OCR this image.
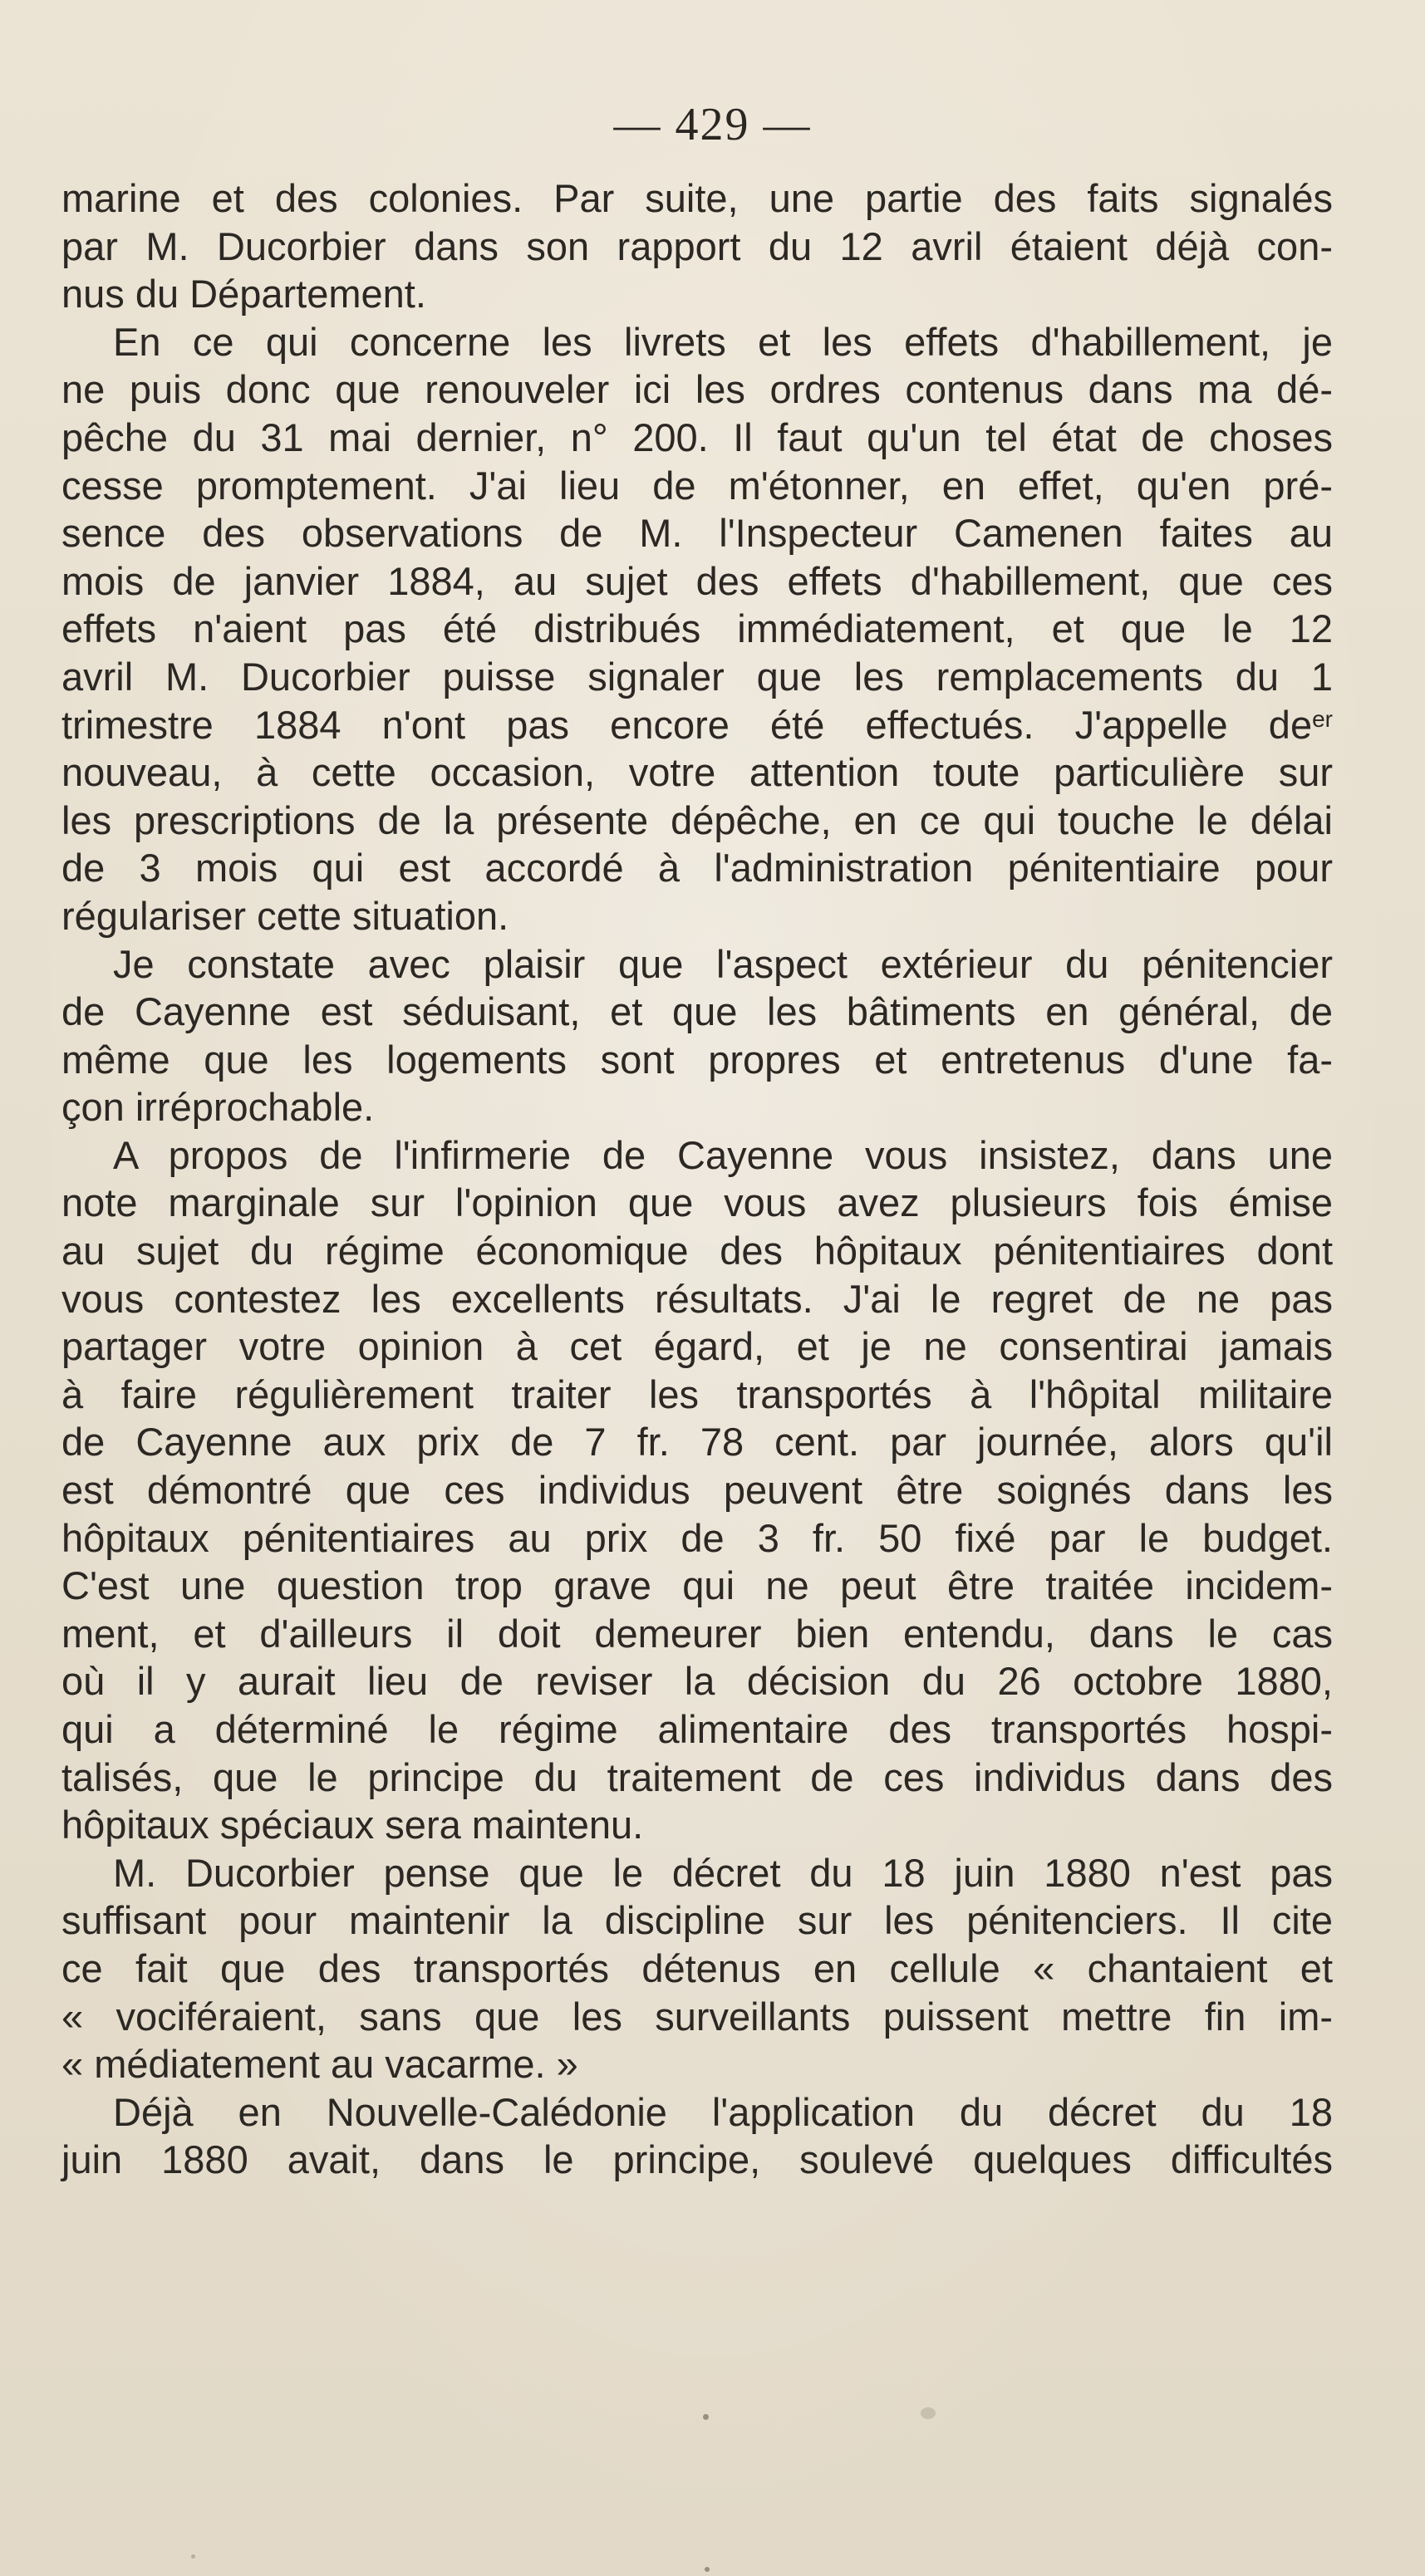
— 429 —
marine et des colonies. Par suite, une partie des faits signalés
par M. Ducorbier dans son rapport du 12 avril étaient déjà con-
nus du Département.
En ce qui concerne les livrets et les effets d'habillement, je
ne puis donc que renouveler ici les ordres contenus dans ma dé-
pêche du 31 mai dernier, n° 200. Il faut qu'un tel état de choses
cesse promptement. J'ai lieu de m'étonner, en effet, qu'en pré-
sence des observations de M. l'Inspecteur Camenen faites au
mois de janvier 1884, au sujet des effets d'habillement, que ces
effets n'aient pas été distribués immédiatement, et que le 12
avril M. Ducorbier puisse signaler que les remplacements du 1
trimestre 1884 n'ont pas encore été effectués. J'appelle $de^{er}$
nouveau, à cette occasion, votre attention toute particulière sur
les prescriptions de la présente dépêche, en ce qui touche le délai
de 3 mois qui est accordé à l'administration pénitentiaire pour
régulariser cette situation.
Je constate avec plaisir que l'aspect extérieur du pénitencier
de Cayenne est séduisant, et que les bâtiments en général, de
même que les logements sont propres et entretenus d'une fa-
çon irréprochable.
A propos de l'infirmerie de Cayenne vous insistez, dans une
note marginale sur l'opinion que vous avez plusieurs fois émise
au sujet du régime économique des hôpitaux pénitentiaires dont
vous contestez les excellents résultats. J'ai le regret de ne pas
partager votre opinion à cet égard, et je ne consentirai jamais
à faire régulièrement traiter les transportés à l'hôpital militaire
de Cayenne aux prix de 7 fr. 78 cent. par journée, alors qu'il
est démontré que ces individus peuvent être soignés dans les
hôpitaux pénitentiaires au prix de 3 fr. 50 fixé par le budget.
C'est une question trop grave qui ne peut être traitée incidem-
ment, et d'ailleurs il doit demeurer bien entendu, dans le cas
où il y aurait lieu de reviser la décision du 26 octobre 1880,
qui a déterminé le régime alimentaire des transportés hospi-
talisés, que le principe du traitement de ces individus dans des
hôpitaux spéciaux sera maintenu.
M. Ducorbier pense que le décret du 18 juin 1880 n'est pas
suffisant pour maintenir la discipline sur les pénitenciers. Il cite
ce fait que des transportés détenus en cellule « chantaient et
« vociféraient, sans que les surveillants puissent mettre fin im-
« médiatement au vacarme. »
Déjà en Nouvelle-Calédonie l'application du décret du 18
juin 1880 avait, dans le principe, soulevé quelques difficultés
